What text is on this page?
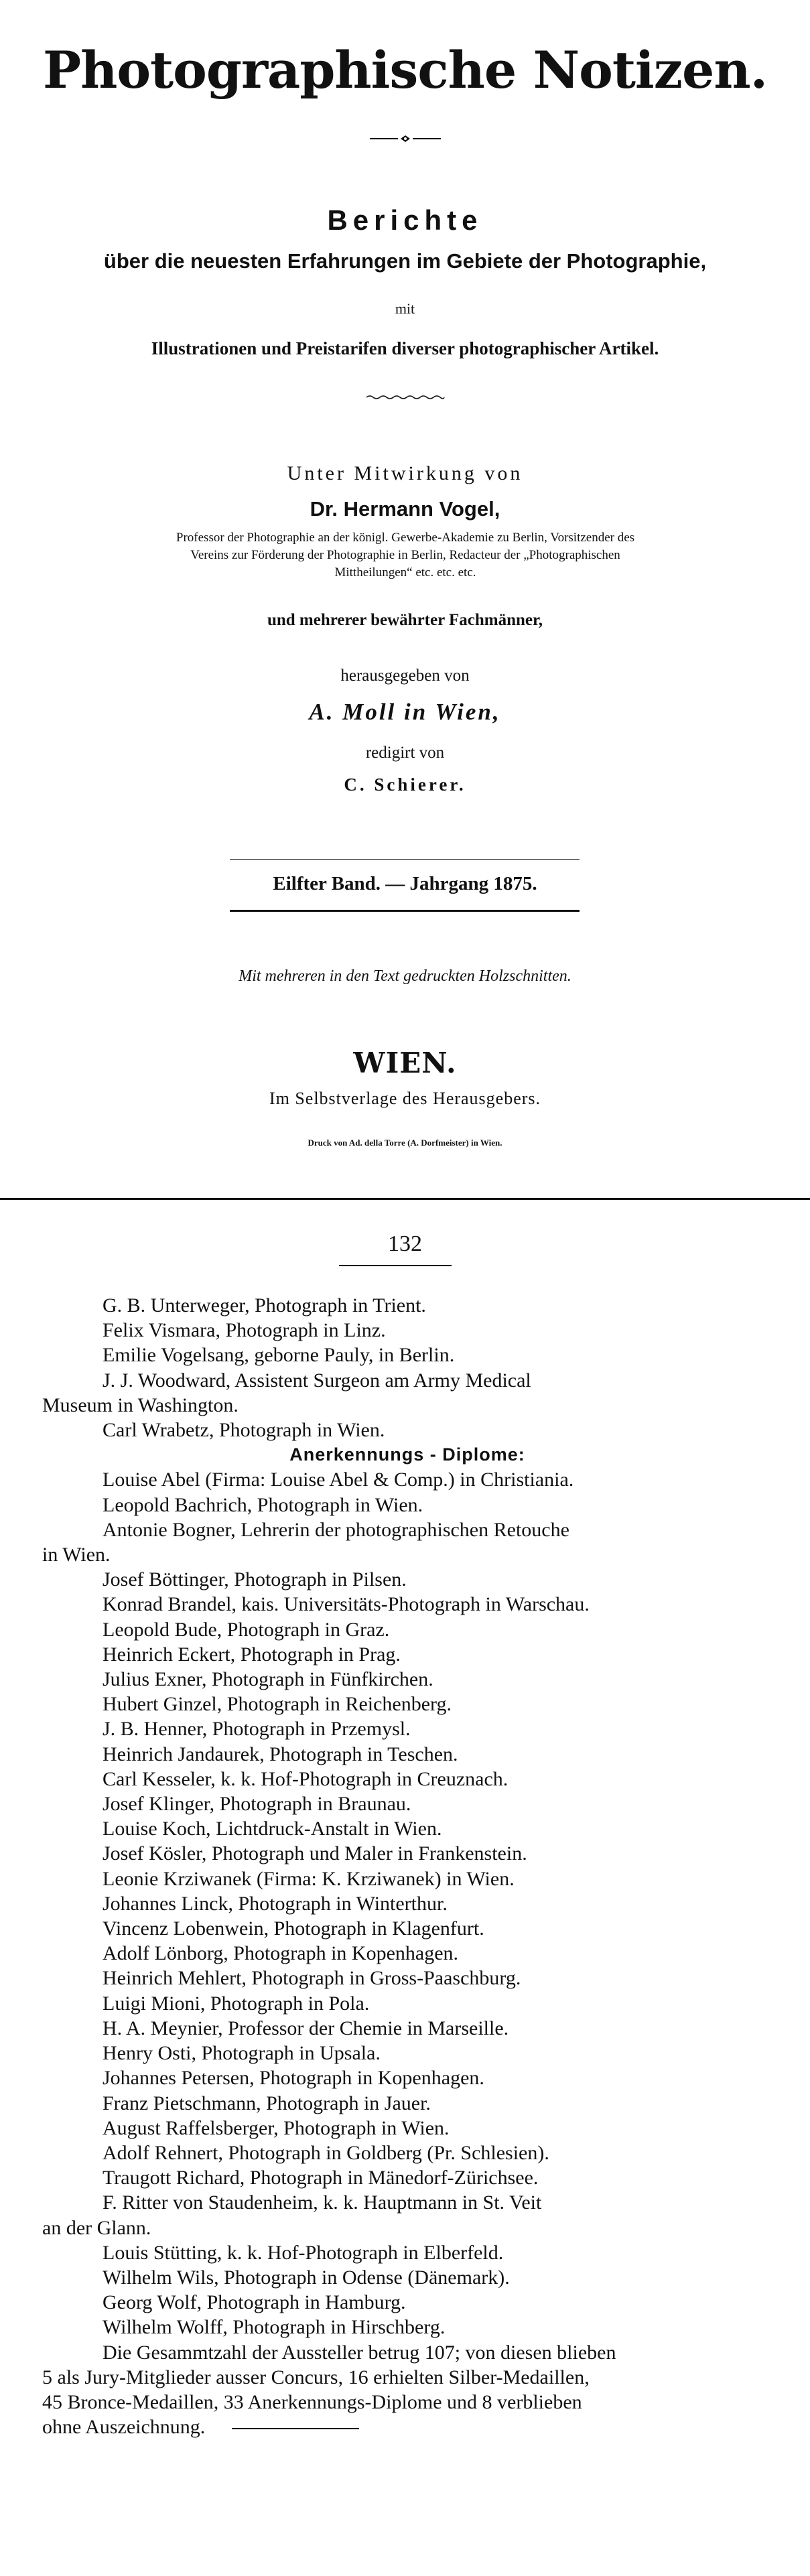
Photographische Notizen.
Berichte
über die neuesten Erfahrungen im Gebiete der Photographie,
mit
Illustrationen und Preistarifen diverser photographischer Artikel.
Unter Mitwirkung von
Dr. Hermann Vogel,
Professor der Photographie an der königl. Gewerbe-Akademie zu Berlin, Vorsitzender des
Vereins zur Förderung der Photographie in Berlin, Redacteur der „Photographischen
Mittheilungen“ etc. etc. etc.
und mehrerer bewährter Fachmänner,
herausgegeben von
A. Moll in Wien,
redigirt von
C. Schierer.
Eilfter Band. — Jahrgang 1875.
Mit mehreren in den Text gedruckten Holzschnitten.
WIEN.
Im Selbstverlage des Herausgebers.
Druck von Ad. della Torre (A. Dorfmeister) in Wien.
132
G. B. Unterweger, Photograph in Trient.
Felix Vismara, Photograph in Linz.
Emilie Vogelsang, geborne Pauly, in Berlin.
J. J. Woodward, Assistent Surgeon am Army Medical
Museum in Washington.
Carl Wrabetz, Photograph in Wien.
Anerkennungs - Diplome:
Louise Abel (Firma: Louise Abel & Comp.) in Christiania.
Leopold Bachrich, Photograph in Wien.
Antonie Bogner, Lehrerin der photographischen Retouche
in Wien.
Josef Böttinger, Photograph in Pilsen.
Konrad Brandel, kais. Universitäts-Photograph in Warschau.
Leopold Bude, Photograph in Graz.
Heinrich Eckert, Photograph in Prag.
Julius Exner, Photograph in Fünfkirchen.
Hubert Ginzel, Photograph in Reichenberg.
J. B. Henner, Photograph in Przemysl.
Heinrich Jandaurek, Photograph in Teschen.
Carl Kesseler, k. k. Hof-Photograph in Creuznach.
Josef Klinger, Photograph in Braunau.
Louise Koch, Lichtdruck-Anstalt in Wien.
Josef Kösler, Photograph und Maler in Frankenstein.
Leonie Krziwanek (Firma: K. Krziwanek) in Wien.
Johannes Linck, Photograph in Winterthur.
Vincenz Lobenwein, Photograph in Klagenfurt.
Adolf Lönborg, Photograph in Kopenhagen.
Heinrich Mehlert, Photograph in Gross-Paaschburg.
Luigi Mioni, Photograph in Pola.
H. A. Meynier, Professor der Chemie in Marseille.
Henry Osti, Photograph in Upsala.
Johannes Petersen, Photograph in Kopenhagen.
Franz Pietschmann, Photograph in Jauer.
August Raffelsberger, Photograph in Wien.
Adolf Rehnert, Photograph in Goldberg (Pr. Schlesien).
Traugott Richard, Photograph in Mänedorf-Zürichsee.
F. Ritter von Staudenheim, k. k. Hauptmann in St. Veit
an der Glann.
Louis Stütting, k. k. Hof-Photograph in Elberfeld.
Wilhelm Wils, Photograph in Odense (Dänemark).
Georg Wolf, Photograph in Hamburg.
Wilhelm Wolff, Photograph in Hirschberg.
Die Gesammtzahl der Aussteller betrug 107; von diesen blieben
5 als Jury-Mitglieder ausser Concurs, 16 erhielten Silber-Medaillen,
45 Bronce-Medaillen, 33 Anerkennungs-Diplome und 8 verblieben
ohne Auszeichnung.
